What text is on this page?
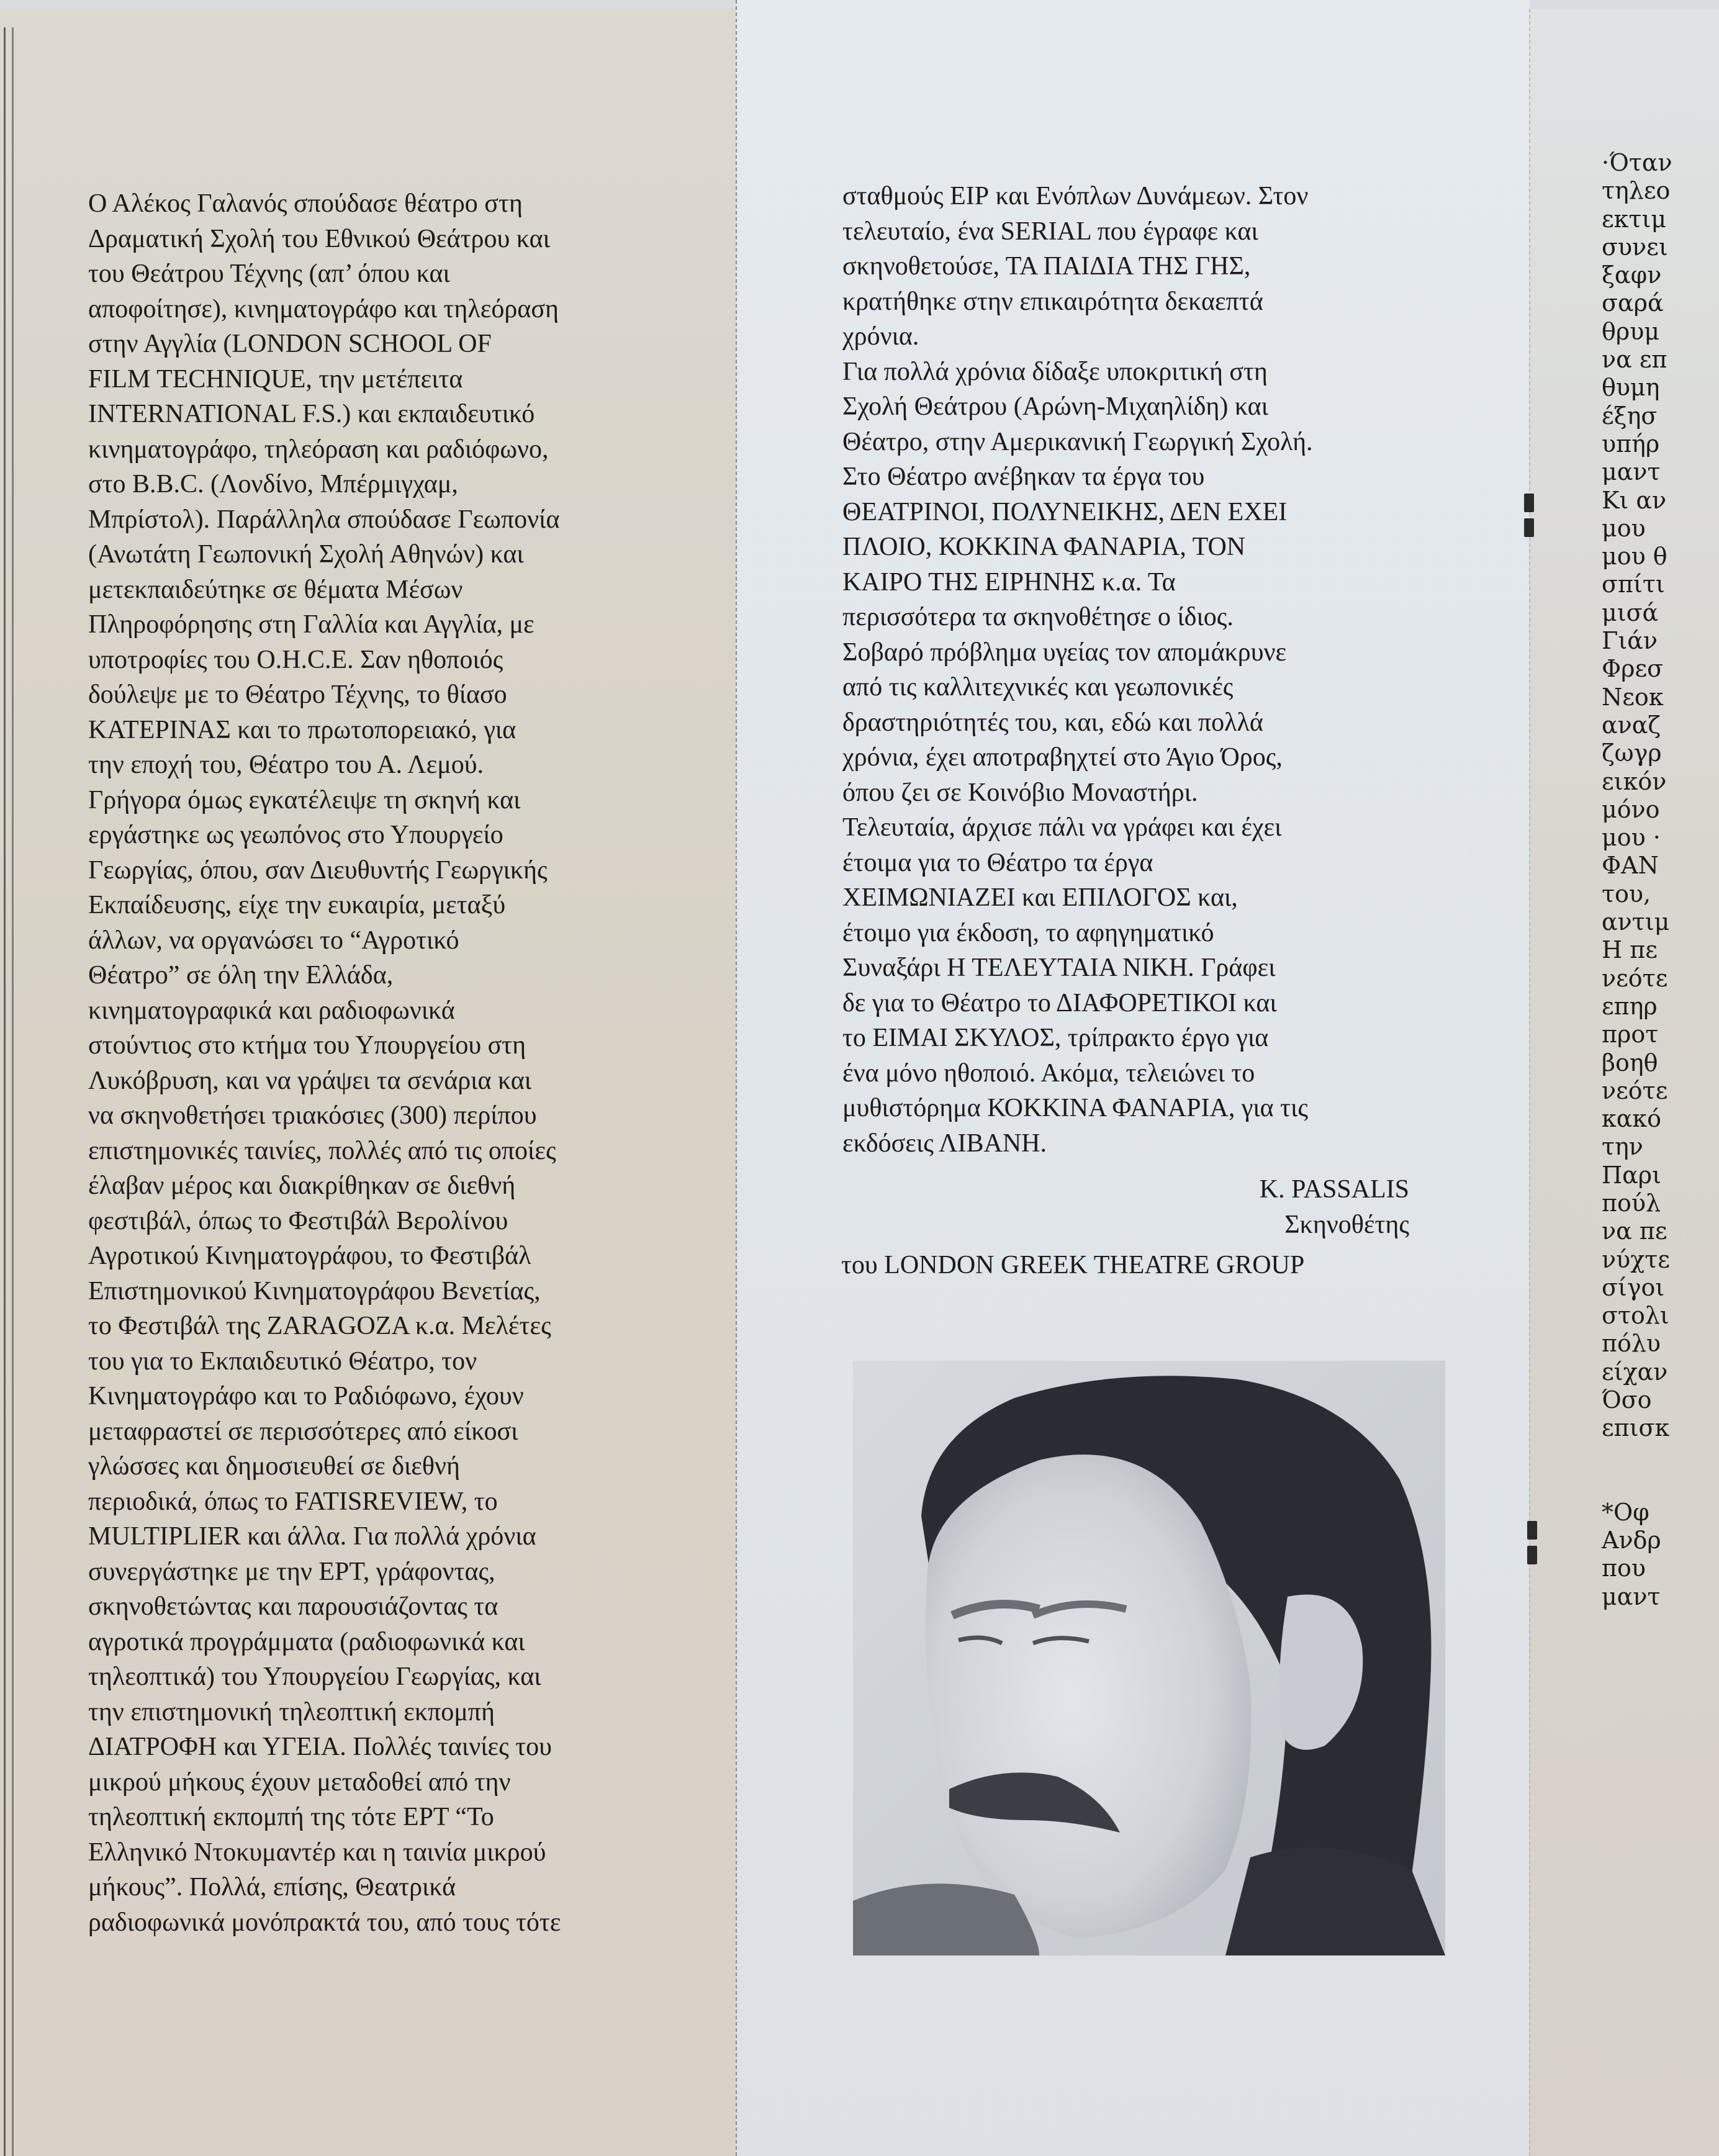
Ο Αλέκος Γαλανός σπούδασε θέατρο στη
Δραματική Σχολή του Εθνικού Θεάτρου και
του Θεάτρου Τέχνης (απ’ όπου και
αποφοίτησε), κινηματογράφο και τηλεόραση
στην Αγγλία (LONDON SCHOOL OF
FILM TECHNIQUE, την μετέπειτα
INTERNATIONAL F.S.) και εκπαιδευτικό
κινηματογράφο, τηλεόραση και ραδιόφωνο,
στο B.B.C. (Λονδίνο, Μπέρμιγχαμ,
Μπρίστολ). Παράλληλα σπούδασε Γεωπονία
(Ανωτάτη Γεωπονική Σχολή Αθηνών) και
μετεκπαιδεύτηκε σε θέματα Μέσων
Πληροφόρησης στη Γαλλία και Αγγλία, με
υποτροφίες του Ο.Η.C.Ε. Σαν ηθοποιός
δούλεψε με το Θέατρο Τέχνης, το θίασο
ΚΑΤΕΡΙΝΑΣ και το πρωτοπορειακό, για
την εποχή του, Θέατρο του Α. Λεμού.
Γρήγορα όμως εγκατέλειψε τη σκηνή και
εργάστηκε ως γεωπόνος στο Υπουργείο
Γεωργίας, όπου, σαν Διευθυντής Γεωργικής
Εκπαίδευσης, είχε την ευκαιρία, μεταξύ
άλλων, να οργανώσει το “Αγροτικό
Θέατρο” σε όλη την Ελλάδα,
κινηματογραφικά και ραδιοφωνικά
στούντιος στο κτήμα του Υπουργείου στη
Λυκόβρυση, και να γράψει τα σενάρια και
να σκηνοθετήσει τριακόσιες (300) περίπου
επιστημονικές ταινίες, πολλές από τις οποίες
έλαβαν μέρος και διακρίθηκαν σε διεθνή
φεστιβάλ, όπως το Φεστιβάλ Βερολίνου
Αγροτικού Κινηματογράφου, το Φεστιβάλ
Επιστημονικού Κινηματογράφου Βενετίας,
το Φεστιβάλ της ZARAGOZA κ.α. Μελέτες
του για το Εκπαιδευτικό Θέατρο, τον
Κινηματογράφο και το Ραδιόφωνο, έχουν
μεταφραστεί σε περισσότερες από είκοσι
γλώσσες και δημοσιευθεί σε διεθνή
περιοδικά, όπως το FATISREVIEW, το
MULTIPLIER και άλλα. Για πολλά χρόνια
συνεργάστηκε με την ΕΡΤ, γράφοντας,
σκηνοθετώντας και παρουσιάζοντας τα
αγροτικά προγράμματα (ραδιοφωνικά και
τηλεοπτικά) του Υπουργείου Γεωργίας, και
την επιστημονική τηλεοπτική εκπομπή
ΔΙΑΤΡΟΦΗ και ΥΓΕΙΑ. Πολλές ταινίες του
μικρού μήκους έχουν μεταδοθεί από την
τηλεοπτική εκπομπή της τότε ΕΡΤ “Το
Ελληνικό Ντοκυμαντέρ και η ταινία μικρού
μήκους”. Πολλά, επίσης, Θεατρικά
ραδιοφωνικά μονόπρακτά του, από τους τότε
σταθμούς ΕΙΡ και Ενόπλων Δυνάμεων. Στον
τελευταίο, ένα SERIAL που έγραφε και
σκηνοθετούσε, ΤΑ ΠΑΙΔΙΑ ΤΗΣ ΓΗΣ,
κρατήθηκε στην επικαιρότητα δεκαεπτά
χρόνια.
Για πολλά χρόνια δίδαξε υποκριτική στη
Σχολή Θεάτρου (Αρώνη-Μιχαηλίδη) και
Θέατρο, στην Αμερικανική Γεωργική Σχολή.
Στο Θέατρο ανέβηκαν τα έργα του
ΘΕΑΤΡΙΝΟΙ, ΠΟΛΥΝΕΙΚΗΣ, ΔΕΝ ΕΧΕΙ
ΠΛΟΙΟ, ΚΟΚΚΙΝΑ ΦΑΝΑΡΙΑ, ΤΟΝ
ΚΑΙΡΟ ΤΗΣ ΕΙΡΗΝΗΣ κ.α. Τα
περισσότερα τα σκηνοθέτησε ο ίδιος.
Σοβαρό πρόβλημα υγείας τον απομάκρυνε
από τις καλλιτεχνικές και γεωπονικές
δραστηριότητές του, και, εδώ και πολλά
χρόνια, έχει αποτραβηχτεί στο Άγιο Όρος,
όπου ζει σε Κοινόβιο Μοναστήρι.
Τελευταία, άρχισε πάλι να γράφει και έχει
έτοιμα για το Θέατρο τα έργα
ΧΕΙΜΩΝΙΑΖΕΙ και ΕΠΙΛΟΓΟΣ και,
έτοιμο για έκδοση, το αφηγηματικό
Συναξάρι Η ΤΕΛΕΥΤΑΙΑ ΝΙΚΗ. Γράφει
δε για το Θέατρο το ΔΙΑΦΟΡΕΤΙΚΟΙ και
το ΕΙΜΑΙ ΣΚΥΛΟΣ, τρίπρακτο έργο για
ένα μόνο ηθοποιό. Ακόμα, τελειώνει το
μυθιστόρημα ΚΟΚΚΙΝΑ ΦΑΝΑΡΙΑ, για τις
εκδόσεις ΛΙΒΑΝΗ.
K. PASSALIS
Σκηνοθέτης
του LONDON GREEK THEATRE GROUP
·Όταν
τηλεο
εκτιμ
συνει
ξαφν
σαρά
θρυμ
να επ
θυμη
έξησ
υπήρ
μαντ
Κι αν
μου
μου θ
σπίτι
μισά
Γιάν
Φρεσ
Νεοκ
αναζ
ζωγρ
εικόν
μόνο
μου ·
ΦΑΝ
του,
αντιμ
Η πε
νεότε
επηρ
προτ
βοηθ
νεότε
κακό
την
Παρι
πούλ
να πε
νύχτε
σίγοι
στολι
πόλυ
είχαν
Όσο
επισκ
*Οφ
Ανδρ
που
μαντ
